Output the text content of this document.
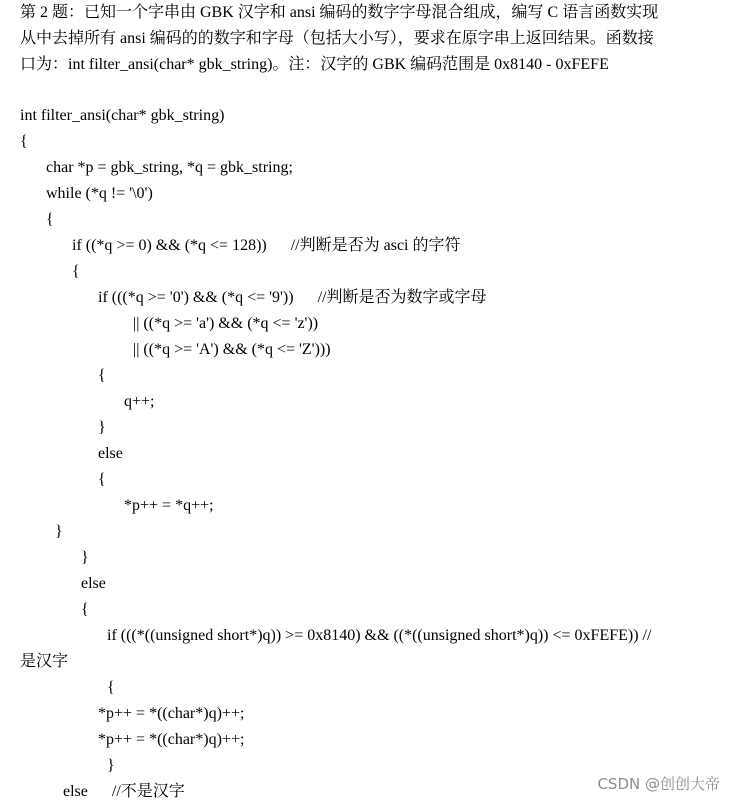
第 2 题：已知一个字串由 GBK 汉字和 ansi 编码的数字字母混合组成，编写 C 语言函数实现
从中去掉所有 ansi 编码的的数字和字母（包括大小写），要求在原字串上返回结果。函数接
口为：int filter_ansi(char* gbk_string)。注：汉字的 GBK 编码范围是 0x8140 - 0xFEFE
int filter_ansi(char* gbk_string)
{
char *p = gbk_string, *q = gbk_string;
while (*q != '\0')
{
if ((*q >= 0) && (*q <= 128))      //判断是否为 asci 的字符
{
if (((*q >= '0') && (*q <= '9'))      //判断是否为数字或字母
|| ((*q >= 'a') && (*q <= 'z'))
|| ((*q >= 'A') && (*q <= 'Z')))
{
q++;
}
else
{
*p++ = *q++;
}
}
else
{
if (((*((unsigned short*)q)) >= 0x8140) && ((*((unsigned short*)q)) <= 0xFEFE)) //
是汉字
{
*p++ = *((char*)q)++;
*p++ = *((char*)q)++;
}
else      //不是汉字	CSDN @创创大帝
